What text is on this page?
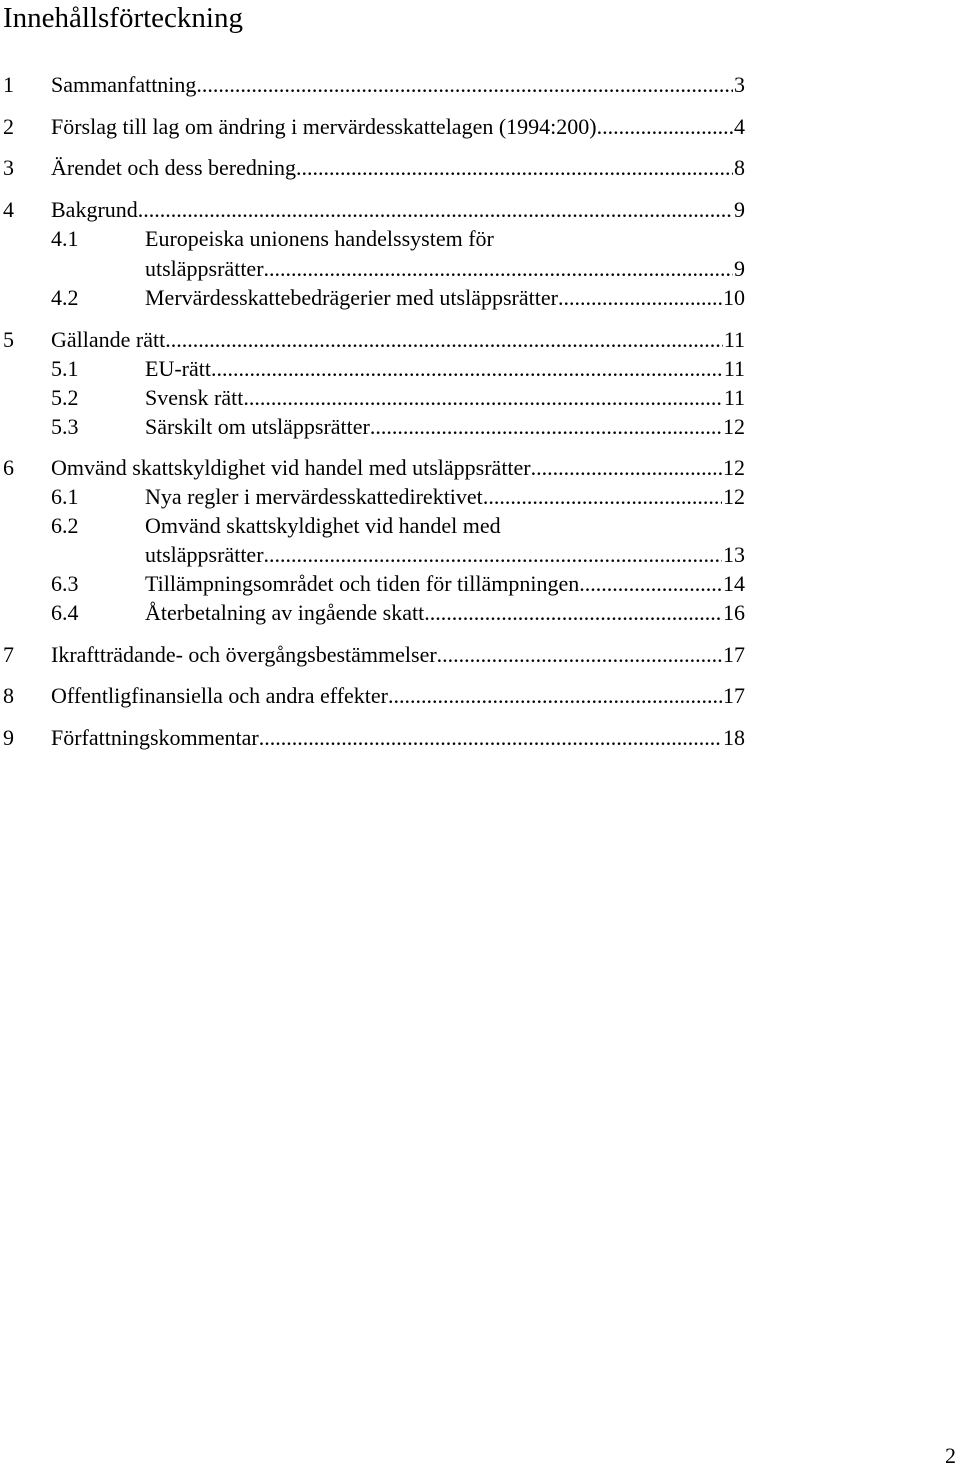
Innehållsförteckning
1 Sammanfattning .....	3
2 Förslag till lag om ändring i mervärdesskattelagen (1994:200) .....	4
3 Ärendet och dess beredning .....	8
4 Bakgrund .....	9
4.1	Europeiska unionens handelssystem för
utsläppsrätter .....	9
4.2	Mervärdesskattebedrägerier med utsläppsrätter .....	10
5 Gällande rätt .....	11
5.1	EU-rätt .....	11
5.2	Svensk rätt .....	11
5.3	Särskilt om utsläppsrätter .....	12
6 Omvänd skattskyldighet vid handel med utsläppsrätter .....	12
6.1	Nya regler i mervärdesskattedirektivet .....	12
6.2	Omvänd skattskyldighet vid handel med
utsläppsrätter .....	13
6.3	Tillämpningsområdet och tiden för tillämpningen .....	14
6.4	Återbetalning av ingående skatt .....	16
7 Ikraftträdande- och övergångsbestämmelser .....	17
8 Offentligfinansiella och andra effekter .....	17
9 Författningskommentar .....	18
2
